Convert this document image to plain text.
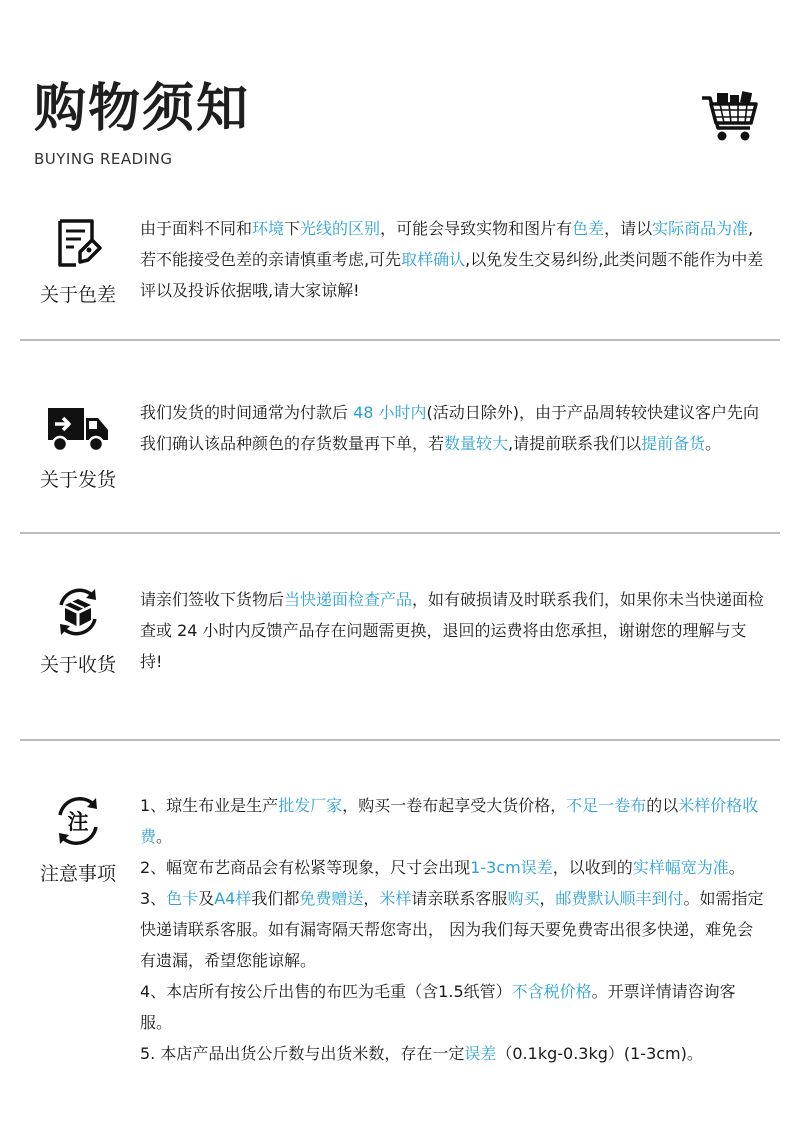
购物须知
BUYING READING
关于色差

由于面料不同和环境下光线的区别，可能会导致实物和图片有色差，请以实际商品为准,若不能接受色差的亲请慎重考虑,可先取样确认,以免发生交易纠纷,此类问题不能作为中差评以及投诉依据哦,请大家谅解!

关于发货

我们发货的时间通常为付款后 48 小时内(活动日除外)，由于产品周转较快建议客户先向我们确认该品种颜色的存货数量再下单，若数量较大,请提前联系我们以提前备货。

关于收货

请亲们签收下货物后当快递面检查产品，如有破损请及时联系我们，如果你未当快递面检查或 24 小时内反馈产品存在问题需更换，退回的运费将由您承担，谢谢您的理解与支持!

注
注意事项

1、琼生布业是生产批发厂家，购买一卷布起享受大货价格，不足一卷布的以米样价格收费。

2、幅宽布艺商品会有松紧等现象，尺寸会出现1-3cm误差，以收到的实样幅宽为准。

3、色卡及A4样我们都免费赠送，米样请亲联系客服购买，邮费默认顺丰到付。如需指定快递请联系客服。如有漏寄隔天帮您寄出， 因为我们每天要免费寄出很多快递，难免会有遗漏，希望您能谅解。

4、本店所有按公斤出售的布匹为毛重（含1.5纸管）不含税价格。开票详情请咨询客服。

5. 本店产品出货公斤数与出货米数，存在一定误差（0.1kg-0.3kg）(1-3cm)。
